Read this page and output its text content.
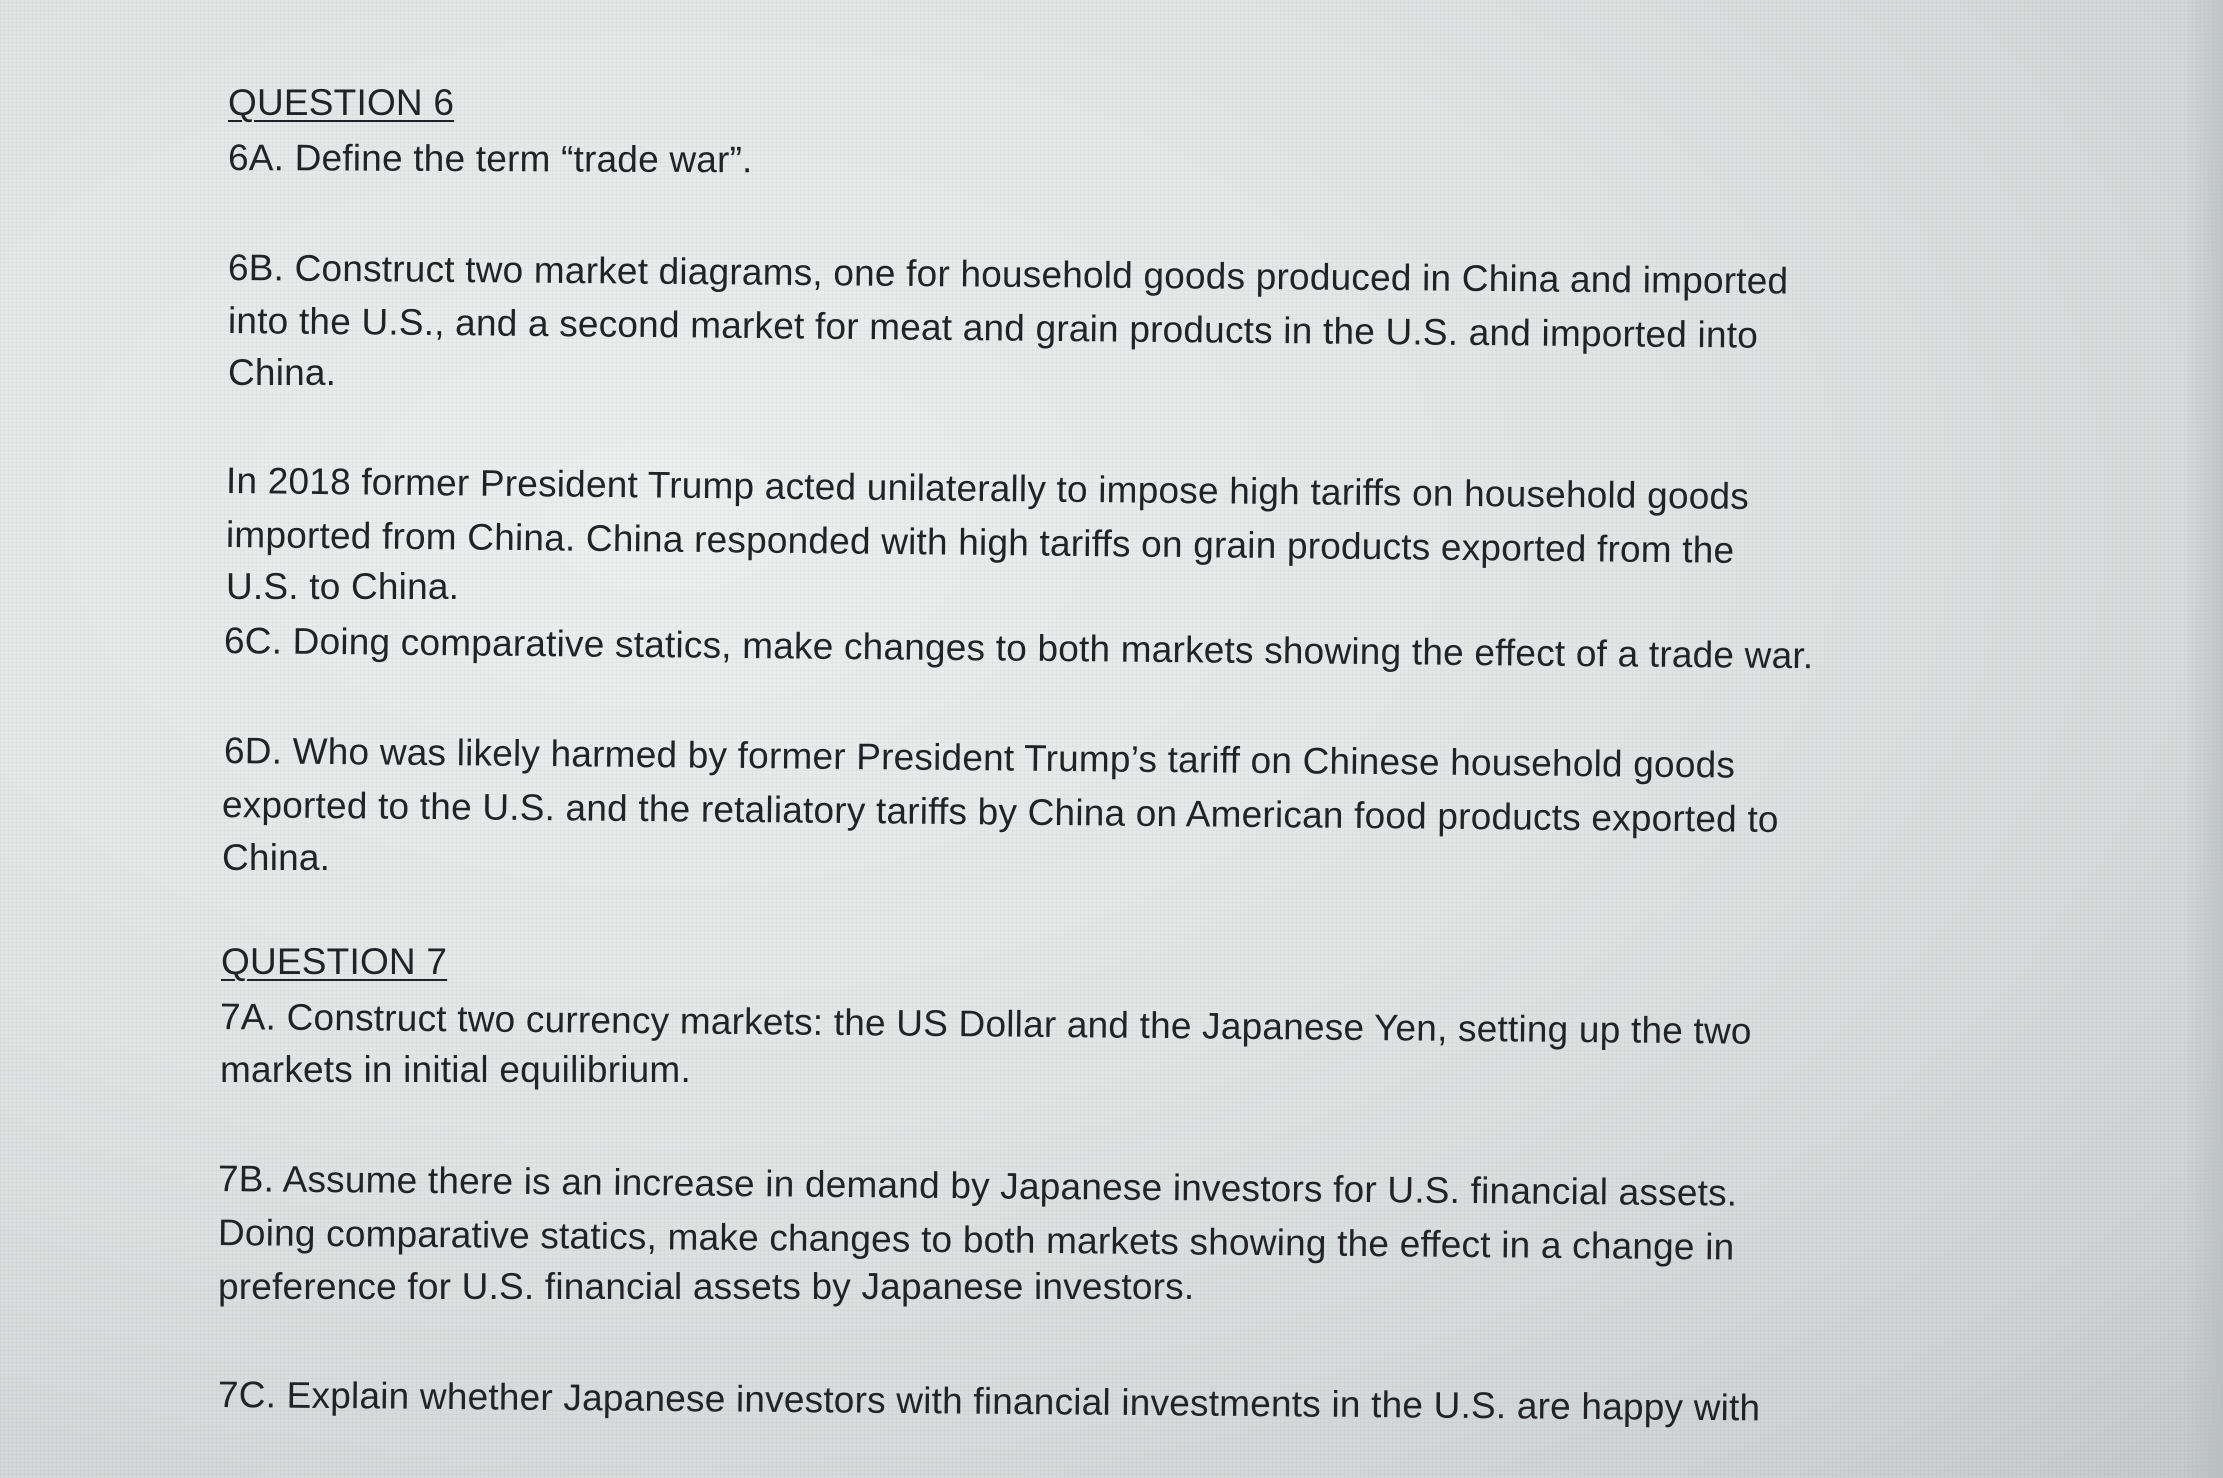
QUESTION 6
6A. Define the term “trade war”.
6B. Construct two market diagrams, one for household goods produced in China and imported
into the U.S., and a second market for meat and grain products in the U.S. and imported into
China.
In 2018 former President Trump acted unilaterally to impose high tariffs on household goods
imported from China. China responded with high tariffs on grain products exported from the
U.S. to China.
6C. Doing comparative statics, make changes to both markets showing the effect of a trade war.
6D. Who was likely harmed by former President Trump’s tariff on Chinese household goods
exported to the U.S. and the retaliatory tariffs by China on American food products exported to
China.
QUESTION 7
7A. Construct two currency markets: the US Dollar and the Japanese Yen, setting up the two
markets in initial equilibrium.
7B. Assume there is an increase in demand by Japanese investors for U.S. financial assets.
Doing comparative statics, make changes to both markets showing the effect in a change in
preference for U.S. financial assets by Japanese investors.
7C. Explain whether Japanese investors with financial investments in the U.S. are happy with
